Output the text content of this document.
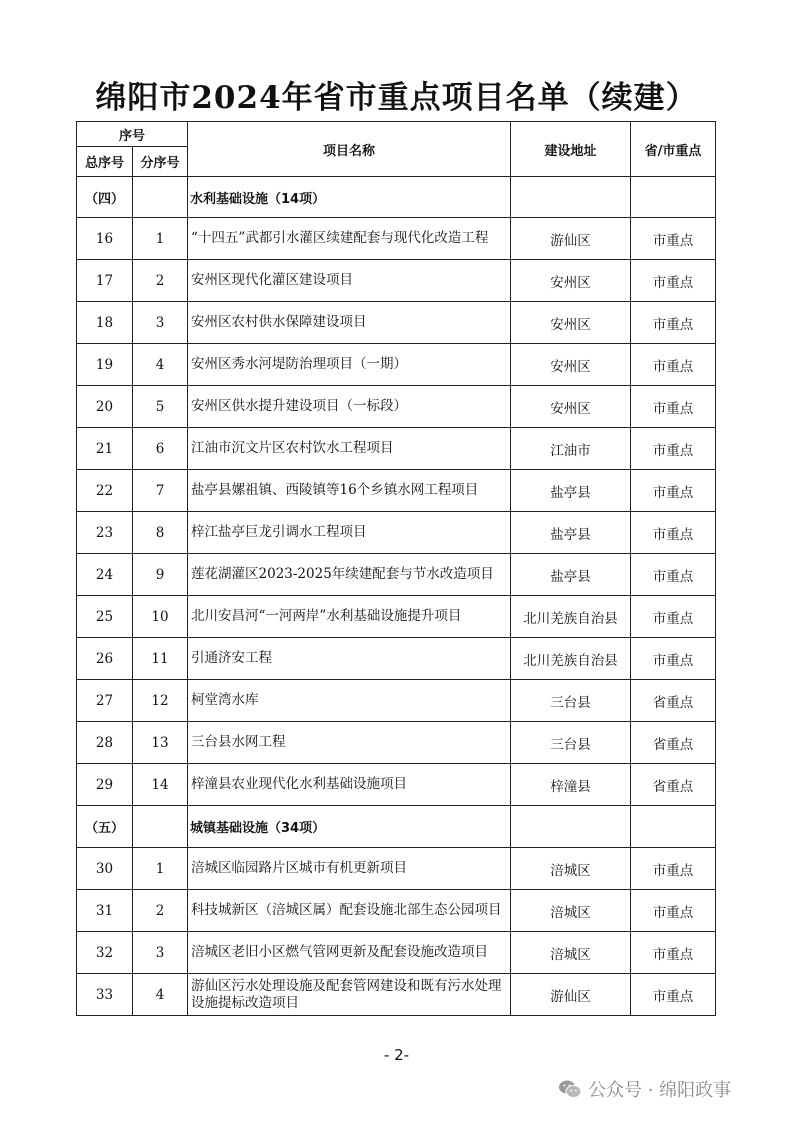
绵阳市2024年省市重点项目名单（续建）
序号		项目名称	建设地址	省/市重点
总序号	分序号			
（四）		水利基础设施（14项）		
16	1	“十四五”武都引水灌区续建配套与现代化改造工程	游仙区	市重点
17	2	安州区现代化灌区建设项目	安州区	市重点
18	3	安州区农村供水保障建设项目	安州区	市重点
19	4	安州区秀水河堤防治理项目（一期）	安州区	市重点
20	5	安州区供水提升建设项目（一标段）	安州区	市重点
21	6	江油市沉文片区农村饮水工程项目	江油市	市重点
22	7	盐亭县嫘祖镇、西陵镇等16个乡镇水网工程项目	盐亭县	市重点
23	8	梓江盐亭巨龙引调水工程项目	盐亭县	市重点
24	9	莲花湖灌区2023-2025年续建配套与节水改造项目	盐亭县	市重点
25	10	北川安昌河“一河两岸”水利基础设施提升项目	北川羌族自治县	市重点
26	11	引通济安工程	北川羌族自治县	市重点
27	12	柯堂湾水库	三台县	省重点
28	13	三台县水网工程	三台县	省重点
29	14	梓潼县农业现代化水利基础设施项目	梓潼县	省重点
（五）		城镇基础设施（34项）		
30	1	涪城区临园路片区城市有机更新项目	涪城区	市重点
31	2	科技城新区（涪城区属）配套设施北部生态公园项目	涪城区	市重点
32	3	涪城区老旧小区燃气管网更新及配套设施改造项目	涪城区	市重点
33	4	游仙区污水处理设施及配套管网建设和既有污水处理设施提标改造项目	游仙区	市重点
- 2-
公众号 · 绵阳政事
